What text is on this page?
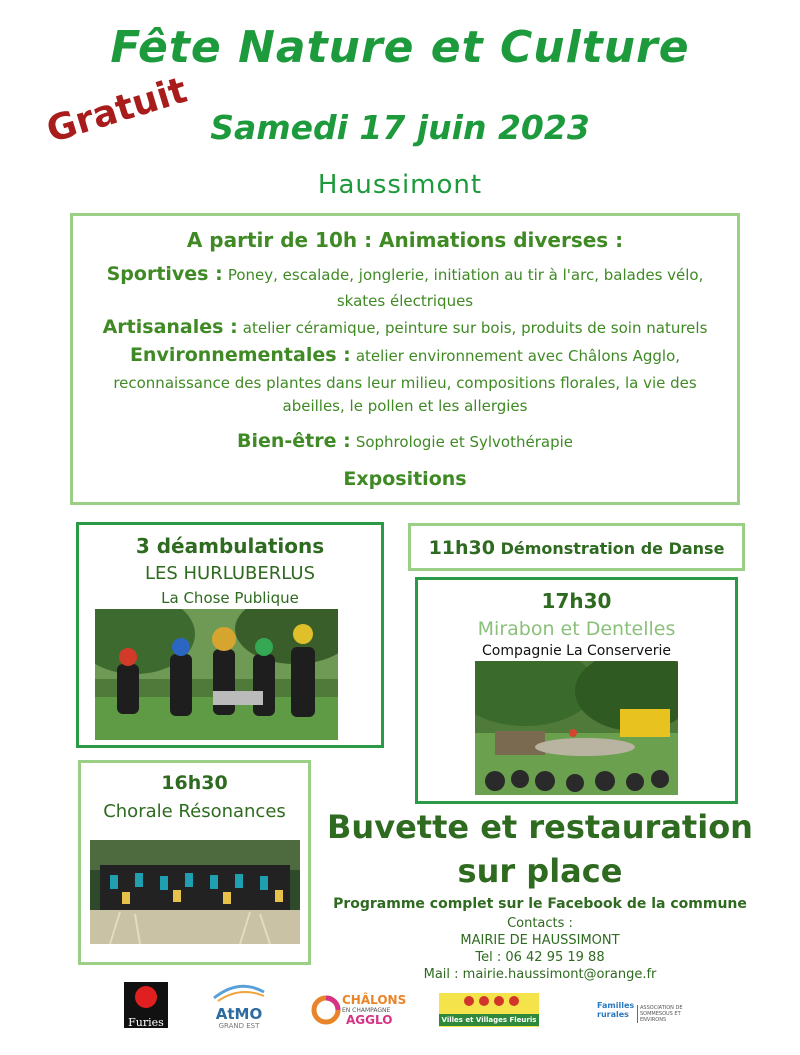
Fête Nature et Culture
Samedi 17 juin 2023
Haussimont
Gratuit
A partir de 10h : Animations diverses :
Sportives : Poney, escalade, jonglerie, initiation au tir à l'arc, balades vélo,
skates électriques
Artisanales : atelier céramique, peinture sur bois, produits de soin naturels
Environnementales : atelier environnement avec Châlons Agglo,
reconnaissance des plantes dans leur milieu, compositions florales, la vie des
abeilles, le pollen et les allergies
Bien-être : Sophrologie et Sylvothérapie
Expositions
3 déambulations
LES HURLUBERLUS
La Chose Publique
11h30 Démonstration de Danse
17h30
Mirabon et Dentelles
Compagnie La Conserverie
16h30
Chorale Résonances	Buvette et restauration
sur place
Programme complet sur le Facebook de la commune
Contacts :
MAIRIE DE HAUSSIMONT
Tel : 06 42 95 19 88
Mail : mairie.haussimont@orange.fr
Furies	AtMO
GRAND EST
CHÂLONS
EN CHAMPAGNE
AGGLO	Villes et Villages Fleuris
Familles rurales
ASSOCIATION DE SOMMESOUS ET ENVIRONS
